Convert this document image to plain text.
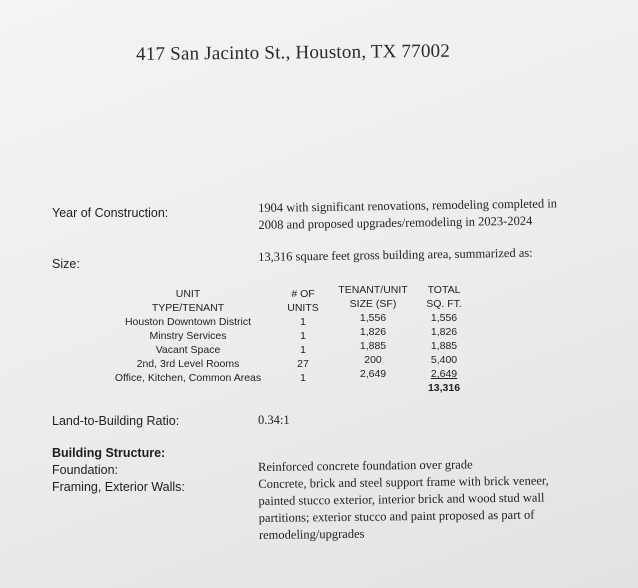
417 San Jacinto St., Houston, TX 77002
Year of Construction:	1904 with significant renovations, remodeling completed in
2008 and proposed upgrades/remodeling in 2023-2024
Size:
13,316 square feet gross building area, summarized as:
UNIT
TYPE/TENANT
Houston Downtown District
Minstry Services
Vacant Space
2nd, 3rd Level Rooms
Office, Kitchen, Common Areas
# OF
UNITS
1
1
1
27
1
TENANT/UNIT
SIZE (SF)
1,556
1,826
1,885
200
2,649
TOTAL
SQ. FT.
1,556
1,826
1,885
5,400
2,649
13,316
Land-to-Building Ratio:	0.34:1
Building Structure:
Foundation:
Framing, Exterior Walls:
Reinforced concrete foundation over grade
Concrete, brick and steel support frame with brick veneer,
painted stucco exterior, interior brick and wood stud wall
partitions; exterior stucco and paint proposed as part of
remodeling/upgrades
